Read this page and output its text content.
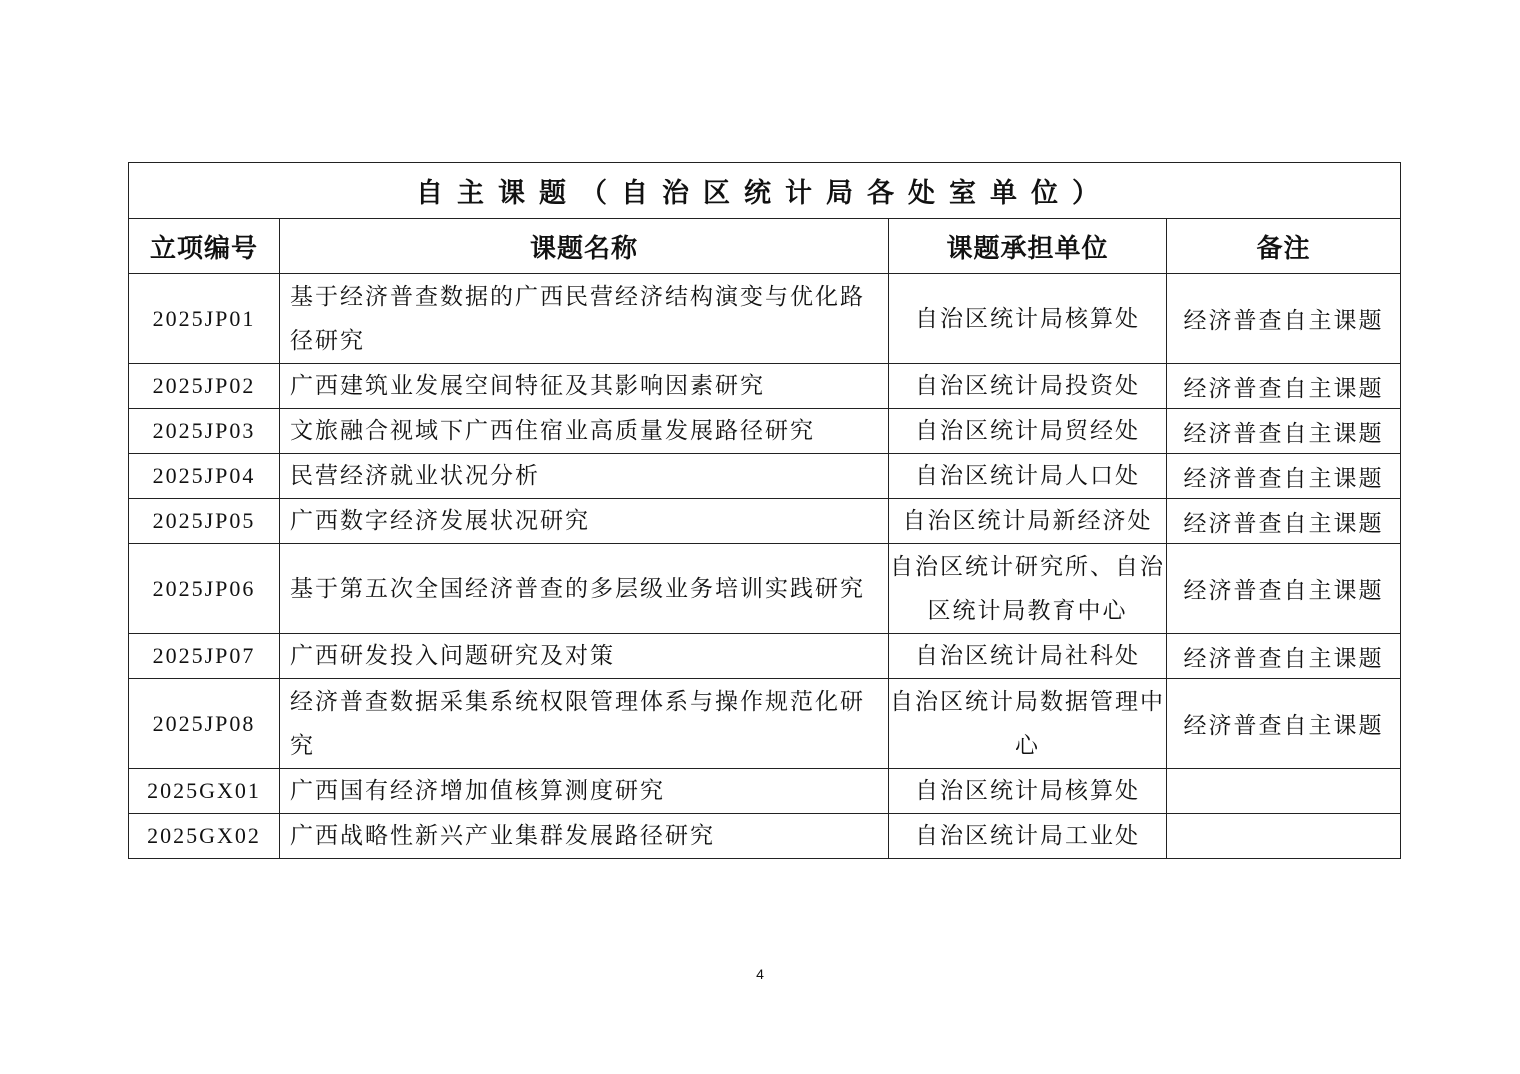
自主课题（自治区统计局各处室单位）			
立项编号	课题名称	课题承担单位	备注
2025JP01	基于经济普查数据的广西民营经济结构演变与优化路径研究	自治区统计局核算处	经济普查自主课题
2025JP02	广西建筑业发展空间特征及其影响因素研究	自治区统计局投资处	经济普查自主课题
2025JP03	文旅融合视域下广西住宿业高质量发展路径研究	自治区统计局贸经处	经济普查自主课题
2025JP04	民营经济就业状况分析	自治区统计局人口处	经济普查自主课题
2025JP05	广西数字经济发展状况研究	自治区统计局新经济处	经济普查自主课题
2025JP06	基于第五次全国经济普查的多层级业务培训实践研究	自治区统计研究所、自治区统计局教育中心	经济普查自主课题
2025JP07	广西研发投入问题研究及对策	自治区统计局社科处	经济普查自主课题
2025JP08	经济普查数据采集系统权限管理体系与操作规范化研究	自治区统计局数据管理中心	经济普查自主课题
2025GX01	广西国有经济增加值核算测度研究	自治区统计局核算处	
2025GX02	广西战略性新兴产业集群发展路径研究	自治区统计局工业处	
4
